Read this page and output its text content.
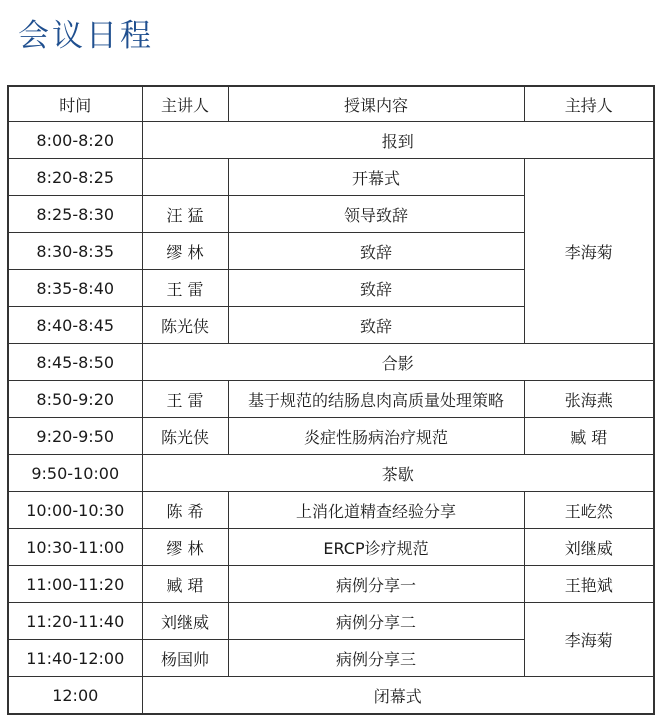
会议日程
时间	主讲人	授课内容	主持人
8:00-8:20	报到		
8:20-8:25		开幕式	李海菊
8:25-8:30	汪 猛	领导致辞	
8:30-8:35	缪 林	致辞	
8:35-8:40	王 雷	致辞	
8:40-8:45	陈光侠	致辞	
8:45-8:50	合影		
8:50-9:20	王 雷	基于规范的结肠息肉高质量处理策略	张海燕
9:20-9:50	陈光侠	炎症性肠病治疗规范	臧 珺
9:50-10:00	茶歇		
10:00-10:30	陈 希	上消化道精查经验分享	王屹然
10:30-11:00	缪 林	ERCP诊疗规范	刘继威
11:00-11:20	臧 珺	病例分享一	王艳斌
11:20-11:40	刘继威	病例分享二	李海菊
11:40-12:00	杨国帅	病例分享三	
12:00	闭幕式		
